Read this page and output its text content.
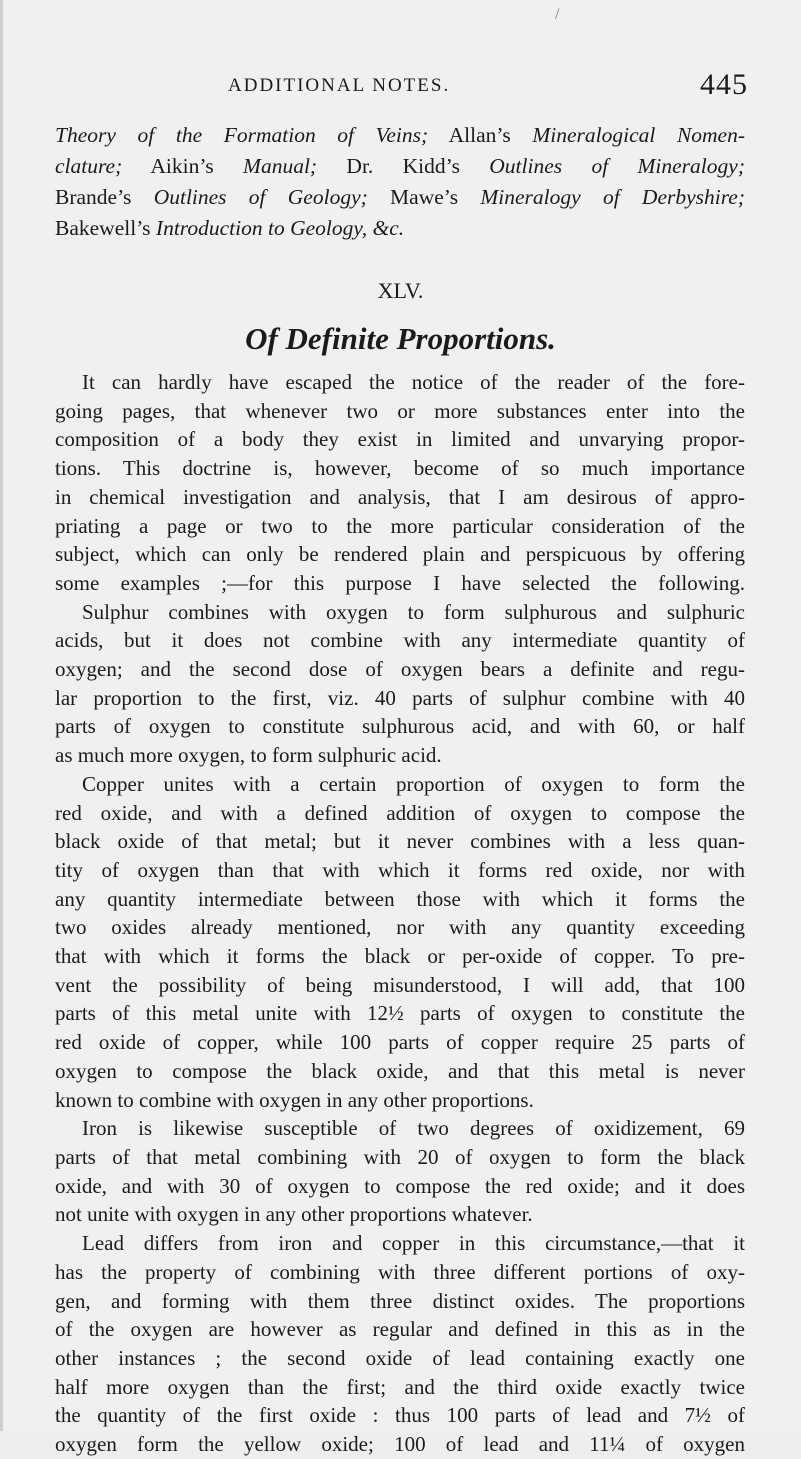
/
ADDITIONAL NOTES.	445
Theory of the Formation of Veins; Allan’s Mineralogical Nomen-
clature; Aikin’s Manual; Dr. Kidd’s Outlines of Mineralogy;
Brande’s Outlines of Geology; Mawe’s Mineralogy of Derbyshire;
Bakewell’s Introduction to Geology, &c.
XLV.
Of Definite Proportions.
It can hardly have escaped the notice of the reader of the fore-
going pages, that whenever two or more substances enter into the
composition of a body they exist in limited and unvarying propor-
tions. This doctrine is, however, become of so much importance
in chemical investigation and analysis, that I am desirous of appro-
priating a page or two to the more particular consideration of the
subject, which can only be rendered plain and perspicuous by offering
some examples ;—for this purpose I have selected the following.
Sulphur combines with oxygen to form sulphurous and sulphuric
acids, but it does not combine with any intermediate quantity of
oxygen; and the second dose of oxygen bears a definite and regu-
lar proportion to the first, viz. 40 parts of sulphur combine with 40
parts of oxygen to constitute sulphurous acid, and with 60, or half
as much more oxygen, to form sulphuric acid.
Copper unites with a certain proportion of oxygen to form the
red oxide, and with a defined addition of oxygen to compose the
black oxide of that metal; but it never combines with a less quan-
tity of oxygen than that with which it forms red oxide, nor with
any quantity intermediate between those with which it forms the
two oxides already mentioned, nor with any quantity exceeding
that with which it forms the black or per-oxide of copper. To pre-
vent the possibility of being misunderstood, I will add, that 100
parts of this metal unite with 12½ parts of oxygen to constitute the
red oxide of copper, while 100 parts of copper require 25 parts of
oxygen to compose the black oxide, and that this metal is never
known to combine with oxygen in any other proportions.
Iron is likewise susceptible of two degrees of oxidizement, 69
parts of that metal combining with 20 of oxygen to form the black
oxide, and with 30 of oxygen to compose the red oxide; and it does
not unite with oxygen in any other proportions whatever.
Lead differs from iron and copper in this circumstance,—that it
has the property of combining with three different portions of oxy-
gen, and forming with them three distinct oxides. The proportions
of the oxygen are however as regular and defined in this as in the
other instances ; the second oxide of lead containing exactly one
half more oxygen than the first; and the third oxide exactly twice
the quantity of the first oxide : thus 100 parts of lead and 7½ of
oxygen form the yellow oxide; 100 of lead and 11¼ of oxygen
